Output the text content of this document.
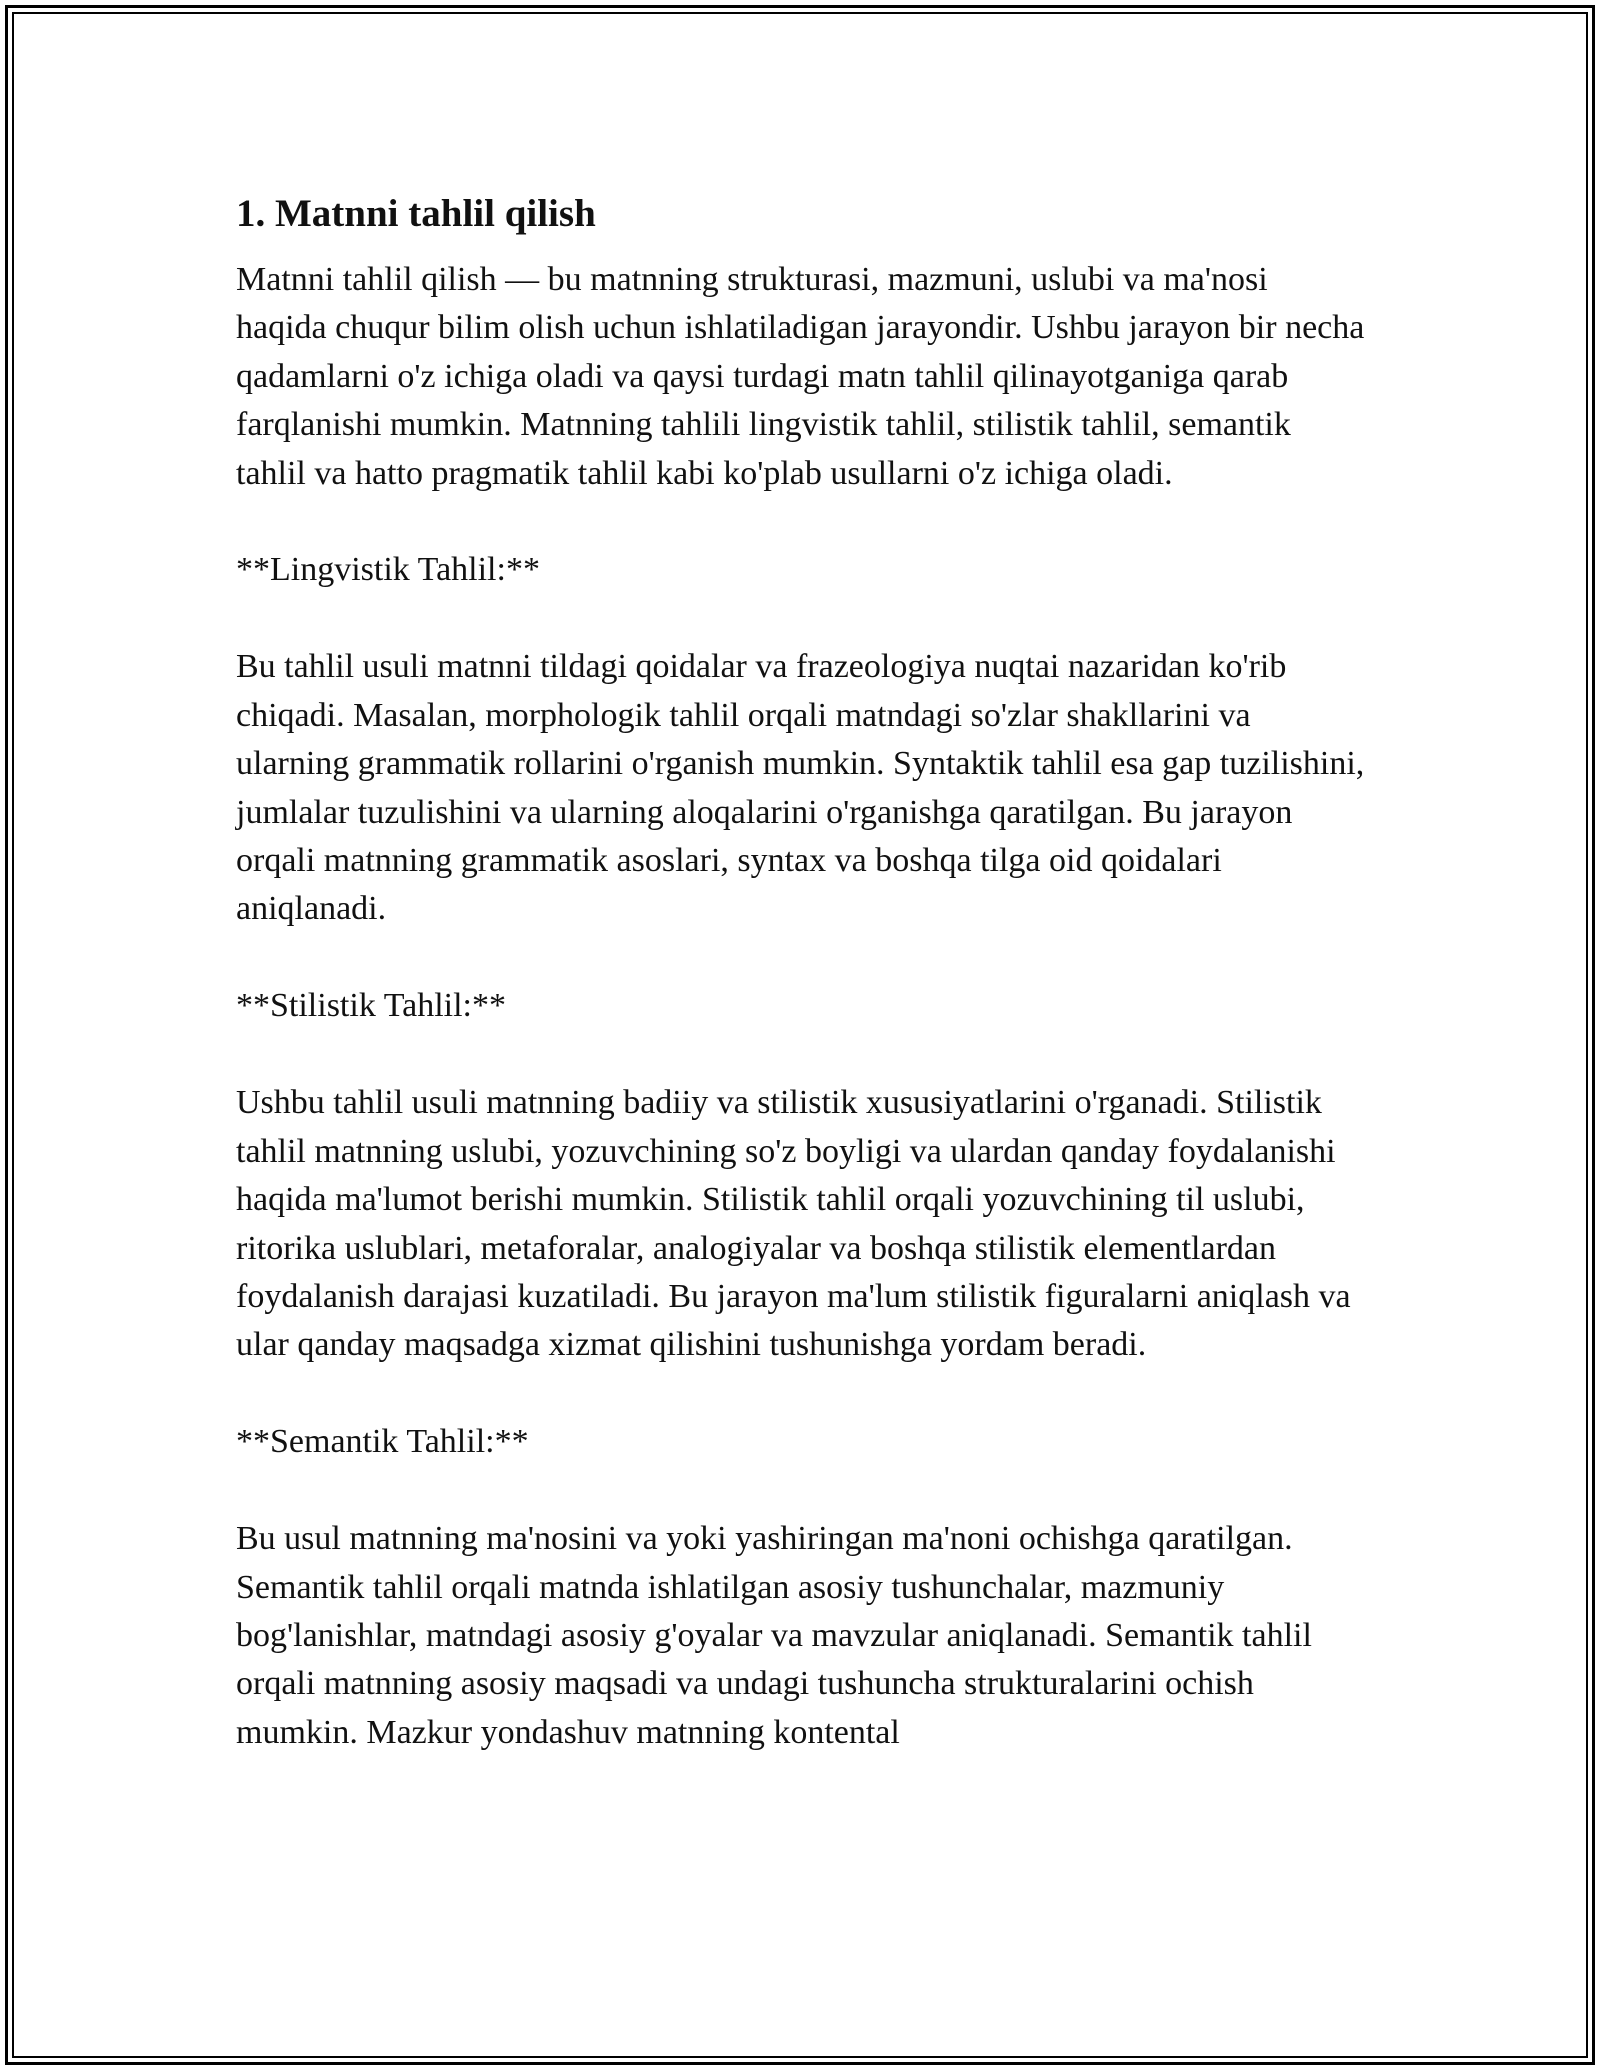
1. Matnni tahlil qilish

Matnni tahlil qilish — bu matnning strukturasi, mazmuni, uslubi va ma'nosi haqida chuqur bilim olish uchun ishlatiladigan jarayondir. Ushbu jarayon bir necha qadamlarni o'z ichiga oladi va qaysi turdagi matn tahlil qilinayotganiga qarab farqlanishi mumkin. Matnning tahlili lingvistik tahlil, stilistik tahlil, semantik tahlil va hatto pragmatik tahlil kabi ko'plab usullarni o'z ichiga oladi.

**Lingvistik Tahlil:**

Bu tahlil usuli matnni tildagi qoidalar va frazeologiya nuqtai nazaridan ko'rib chiqadi. Masalan, morphologik tahlil orqali matndagi so'zlar shakllarini va ularning grammatik rollarini o'rganish mumkin. Syntaktik tahlil esa gap tuzilishini, jumlalar tuzulishini va ularning aloqalarini o'rganishga qaratilgan. Bu jarayon orqali matnning grammatik asoslari, syntax va boshqa tilga oid qoidalari aniqlanadi.

**Stilistik Tahlil:**

Ushbu tahlil usuli matnning badiiy va stilistik xususiyatlarini o'rganadi. Stilistik tahlil matnning uslubi, yozuvchining so'z boyligi va ulardan qanday foydalanishi haqida ma'lumot berishi mumkin. Stilistik tahlil orqali yozuvchining til uslubi, ritorika uslublari, metaforalar, analogiyalar va boshqa stilistik elementlardan foydalanish darajasi kuzatiladi. Bu jarayon ma'lum stilistik figuralarni aniqlash va ular qanday maqsadga xizmat qilishini tushunishga yordam beradi.

**Semantik Tahlil:**

Bu usul matnning ma'nosini va yoki yashiringan ma'noni ochishga qaratilgan. Semantik tahlil orqali matnda ishlatilgan asosiy tushunchalar, mazmuniy bog'lanishlar, matndagi asosiy g'oyalar va mavzular aniqlanadi. Semantik tahlil orqali matnning asosiy maqsadi va undagi tushuncha strukturalarini ochish mumkin. Mazkur yondashuv matnning kontental
